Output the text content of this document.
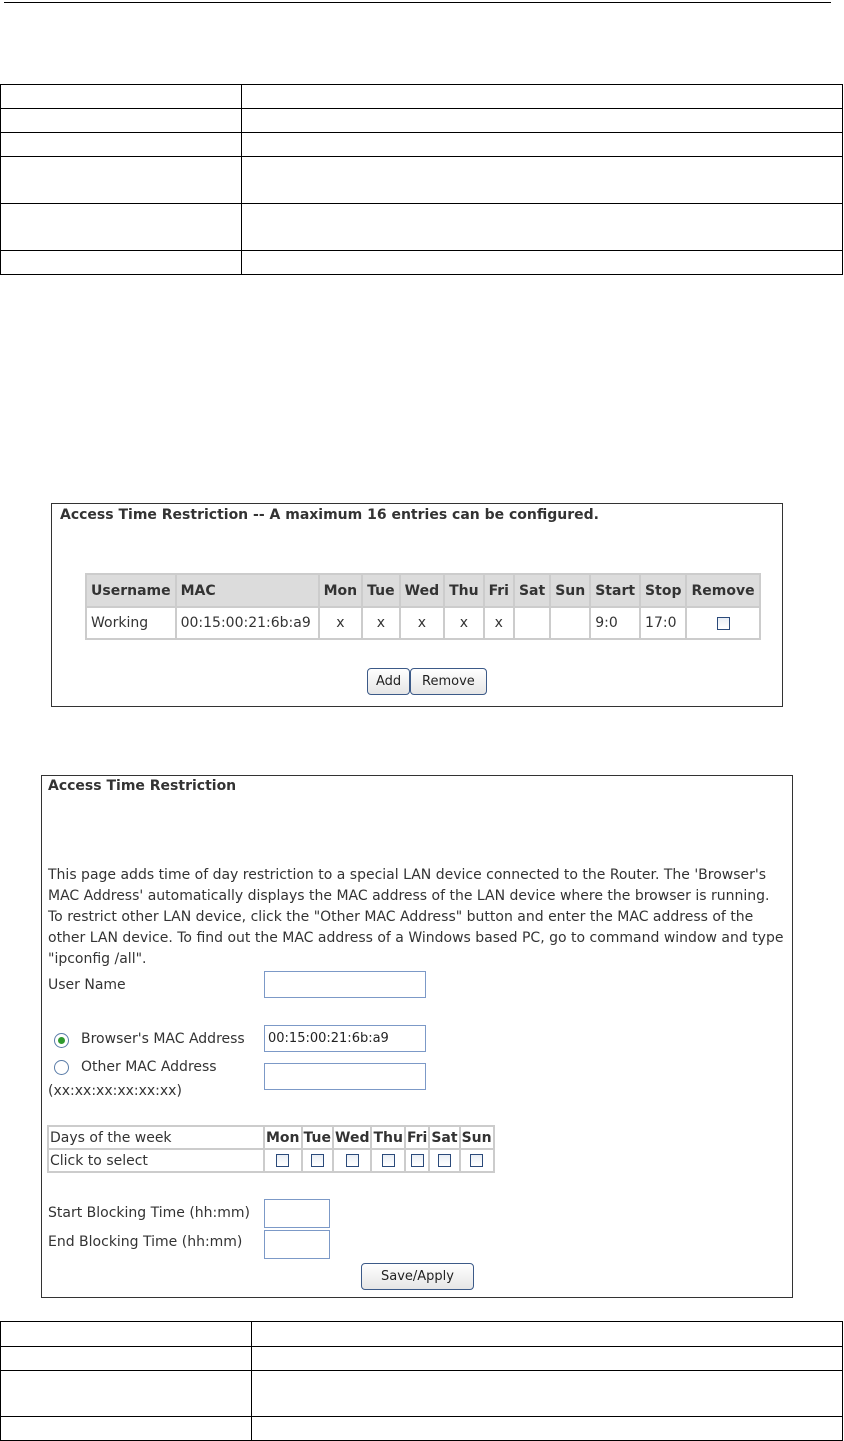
Access Time Restriction -- A maximum 16 entries can be configured.
Username	MAC	Mon	Tue	Wed	Thu	Fri	Sat	Sun	Start	Stop	Remove
Working	00:15:00:21:6b:a9	x	x	x	x	x			9:0	17:0	
Add	Remove
Access Time Restriction
This page adds time of day restriction to a special LAN device connected to the Router. The 'Browser's MAC Address' automatically displays the MAC address of the LAN device where the browser is running. To restrict other LAN device, click the "Other MAC Address" button and enter the MAC address of the other LAN device. To find out the MAC address of a Windows based PC, go to command window and type "ipconfig /all".
User Name
Browser's MAC Address
00:15:00:21:6b:a9
Other MAC Address
(xx:xx:xx:xx:xx:xx)
Days of the week	Mon	Tue	Wed	Thu	Fri	Sat	Sun
Click to select							
Start Blocking Time (hh:mm)
End Blocking Time (hh:mm)
Save/Apply
